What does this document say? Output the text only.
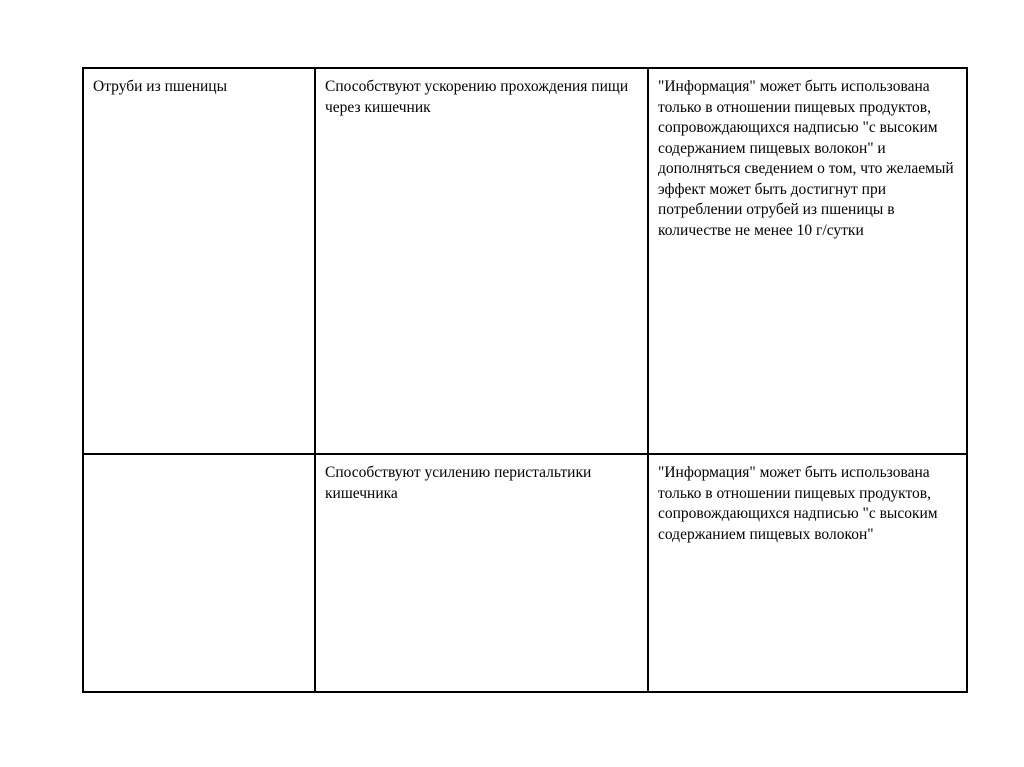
Отруби из пшеницы	Способствуют ускорению прохождения пищи через кишечник	"Информация" может быть использована только в отношении пищевых продуктов, сопровождающихся надписью "с высоким содержанием пищевых волокон" и дополняться сведением о том, что желаемый эффект может быть достигнут при потреблении отрубей из пшеницы в количестве не менее 10 г/сутки
	Способствуют усилению перистальтики кишечника	"Информация" может быть использована только в отношении пищевых продуктов, сопровождающихся надписью "с высоким содержанием пищевых волокон"
